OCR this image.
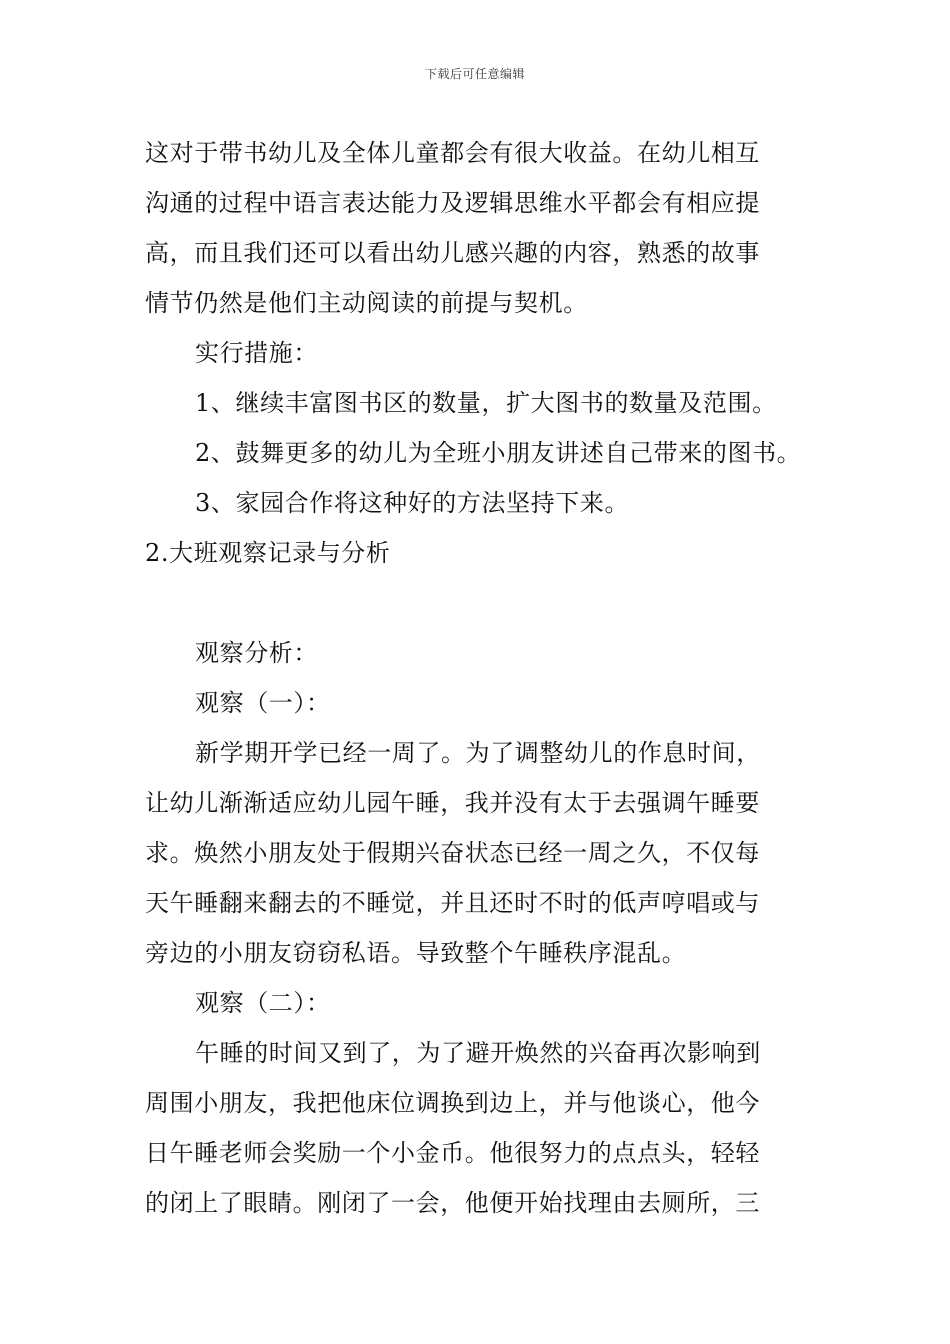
下载后可任意编辑
这对于带书幼儿及全体儿童都会有很大收益。在幼儿相互
沟通的过程中语言表达能力及逻辑思维水平都会有相应提
高，而且我们还可以看出幼儿感兴趣的内容，熟悉的故事
情节仍然是他们主动阅读的前提与契机。
实行措施：
1、继续丰富图书区的数量，扩大图书的数量及范围。
2、鼓舞更多的幼儿为全班小朋友讲述自己带来的图书。
3、家园合作将这种好的方法坚持下来。
2.大班观察记录与分析
观察分析：
观察（一）：
新学期开学已经一周了。为了调整幼儿的作息时间，
让幼儿渐渐适应幼儿园午睡，我并没有太于去强调午睡要
求。焕然小朋友处于假期兴奋状态已经一周之久，不仅每
天午睡翻来翻去的不睡觉，并且还时不时的低声哼唱或与
旁边的小朋友窃窃私语。导致整个午睡秩序混乱。
观察（二）：
午睡的时间又到了，为了避开焕然的兴奋再次影响到
周围小朋友，我把他床位调换到边上，并与他谈心，他今
日午睡老师会奖励一个小金币。他很努力的点点头，轻轻
的闭上了眼睛。刚闭了一会，他便开始找理由去厕所，三
